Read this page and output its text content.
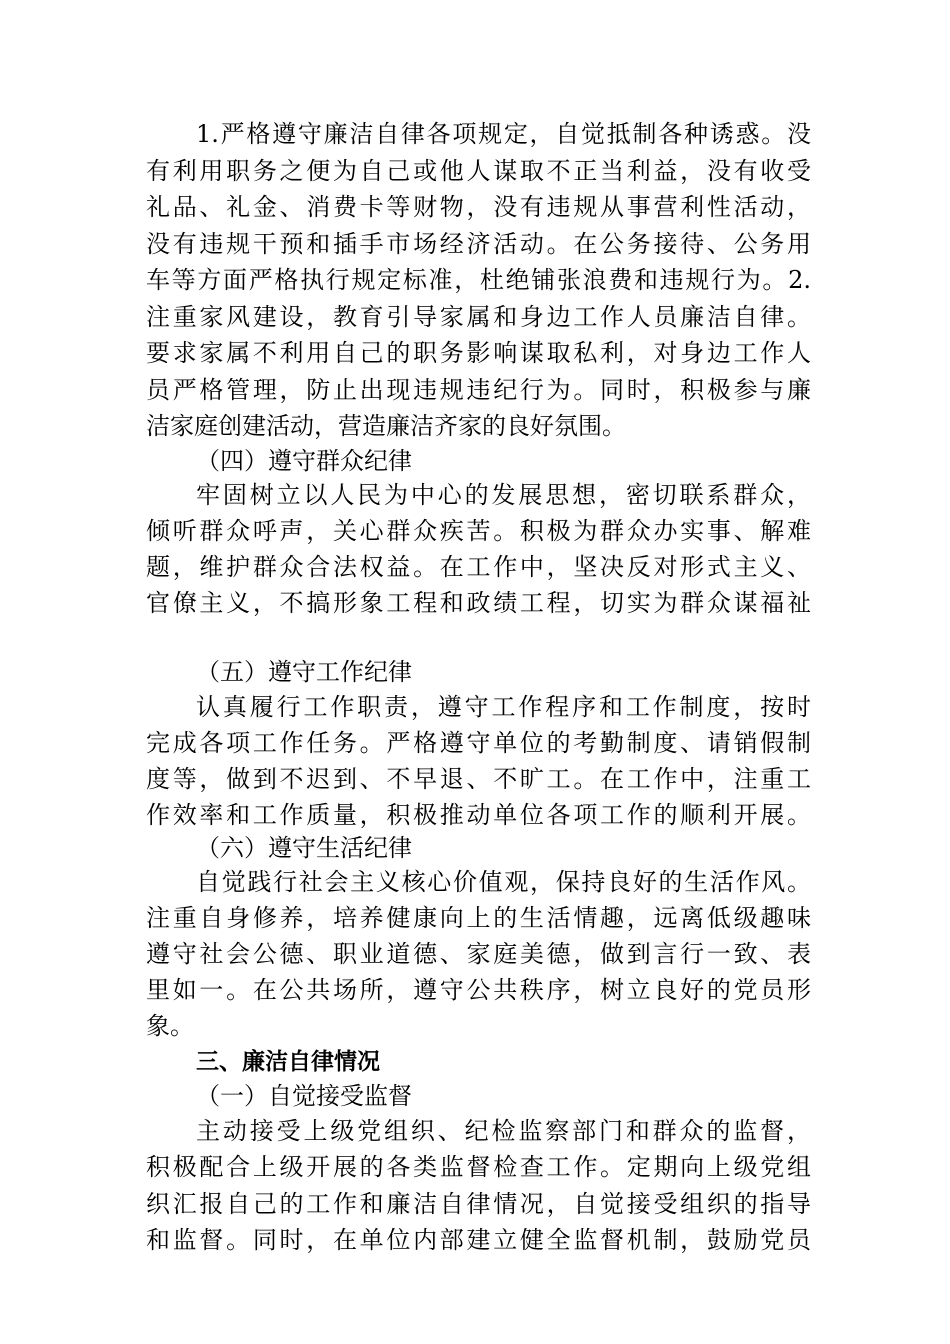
1.严格遵守廉洁自律各项规定，自觉抵制各种诱惑。没
有利用职务之便为自己或他人谋取不正当利益，没有收受
礼品、礼金、消费卡等财物，没有违规从事营利性活动，
没有违规干预和插手市场经济活动。在公务接待、公务用
车等方面严格执行规定标准，杜绝铺张浪费和违规行为。2.
注重家风建设，教育引导家属和身边工作人员廉洁自律。
要求家属不利用自己的职务影响谋取私利，对身边工作人
员严格管理，防止出现违规违纪行为。同时，积极参与廉
洁家庭创建活动，营造廉洁齐家的良好氛围。
（四）遵守群众纪律
牢固树立以人民为中心的发展思想，密切联系群众，
倾听群众呼声，关心群众疾苦。积极为群众办实事、解难
题，维护群众合法权益。在工作中，坚决反对形式主义、
官僚主义，不搞形象工程和政绩工程，切实为群众谋福祉
（五）遵守工作纪律
认真履行工作职责，遵守工作程序和工作制度，按时
完成各项工作任务。严格遵守单位的考勤制度、请销假制
度等，做到不迟到、不早退、不旷工。在工作中，注重工
作效率和工作质量，积极推动单位各项工作的顺利开展。
（六）遵守生活纪律
自觉践行社会主义核心价值观，保持良好的生活作风。
注重自身修养，培养健康向上的生活情趣，远离低级趣味
遵守社会公德、职业道德、家庭美德，做到言行一致、表
里如一。在公共场所，遵守公共秩序，树立良好的党员形
象。
三、廉洁自律情况
（一）自觉接受监督
主动接受上级党组织、纪检监察部门和群众的监督，
积极配合上级开展的各类监督检查工作。定期向上级党组
织汇报自己的工作和廉洁自律情况，自觉接受组织的指导
和监督。同时，在单位内部建立健全监督机制，鼓励党员
